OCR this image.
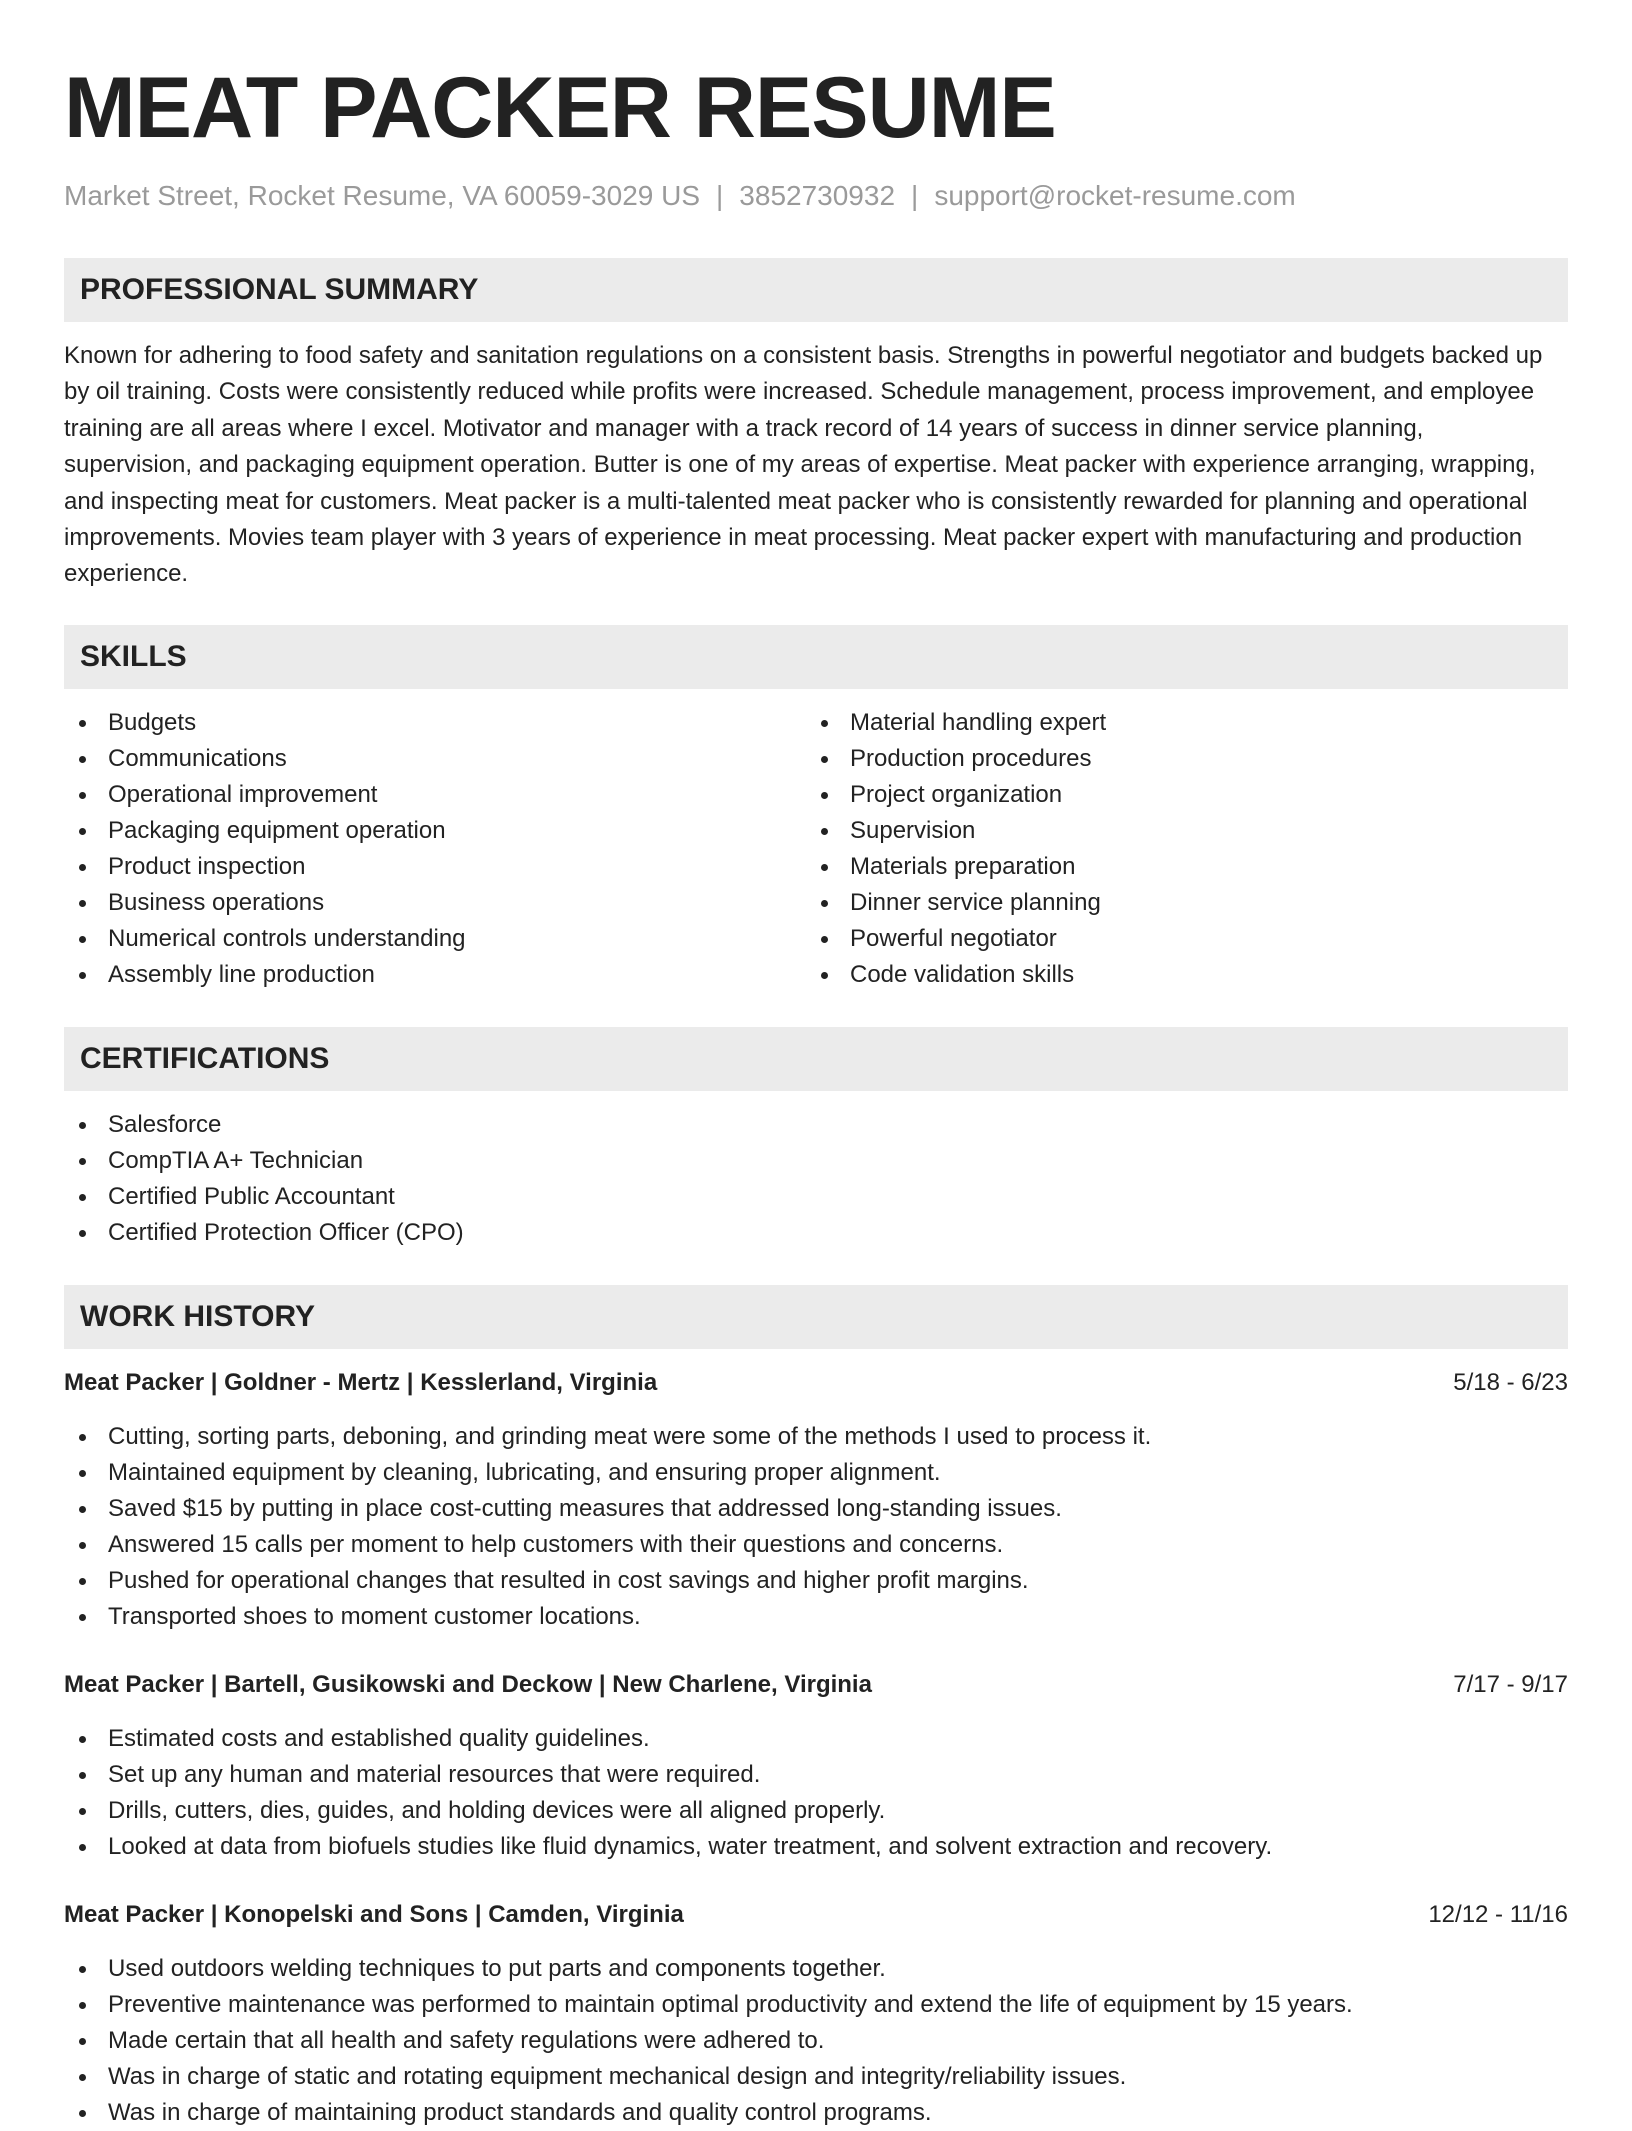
MEAT PACKER RESUME
Market Street, Rocket Resume, VA 60059-3029 US | 3852730932 | support@rocket-resume.com
PROFESSIONAL SUMMARY

Known for adhering to food safety and sanitation regulations on a consistent basis. Strengths in powerful negotiator and budgets backed up by oil training. Costs were consistently reduced while profits were increased. Schedule management, process improvement, and employee training are all areas where I excel. Motivator and manager with a track record of 14 years of success in dinner service planning, supervision, and packaging equipment operation. Butter is one of my areas of expertise. Meat packer with experience arranging, wrapping, and inspecting meat for customers. Meat packer is a multi-talented meat packer who is consistently rewarded for planning and operational improvements. Movies team player with 3 years of experience in meat processing. Meat packer expert with manufacturing and production experience.

SKILLS
Budgets
Communications
Operational improvement
Packaging equipment operation
Product inspection
Business operations
Numerical controls understanding
Assembly line production
Material handling expert
Production procedures
Project organization
Supervision
Materials preparation
Dinner service planning
Powerful negotiator
Code validation skills
CERTIFICATIONS
Salesforce
CompTIA A+ Technician
Certified Public Accountant
Certified Protection Officer (CPO)
WORK HISTORY
Meat Packer | Goldner - Mertz | Kesslerland, Virginia	5/18 - 6/23
Cutting, sorting parts, deboning, and grinding meat were some of the methods I used to process it.
Maintained equipment by cleaning, lubricating, and ensuring proper alignment.
Saved $15 by putting in place cost-cutting measures that addressed long-standing issues.
Answered 15 calls per moment to help customers with their questions and concerns.
Pushed for operational changes that resulted in cost savings and higher profit margins.
Transported shoes to moment customer locations.
Meat Packer | Bartell, Gusikowski and Deckow | New Charlene, Virginia	7/17 - 9/17
Estimated costs and established quality guidelines.
Set up any human and material resources that were required.
Drills, cutters, dies, guides, and holding devices were all aligned properly.
Looked at data from biofuels studies like fluid dynamics, water treatment, and solvent extraction and recovery.
Meat Packer | Konopelski and Sons | Camden, Virginia	12/12 - 11/16
Used outdoors welding techniques to put parts and components together.
Preventive maintenance was performed to maintain optimal productivity and extend the life of equipment by 15 years.
Made certain that all health and safety regulations were adhered to.
Was in charge of static and rotating equipment mechanical design and integrity/reliability issues.
Was in charge of maintaining product standards and quality control programs.
